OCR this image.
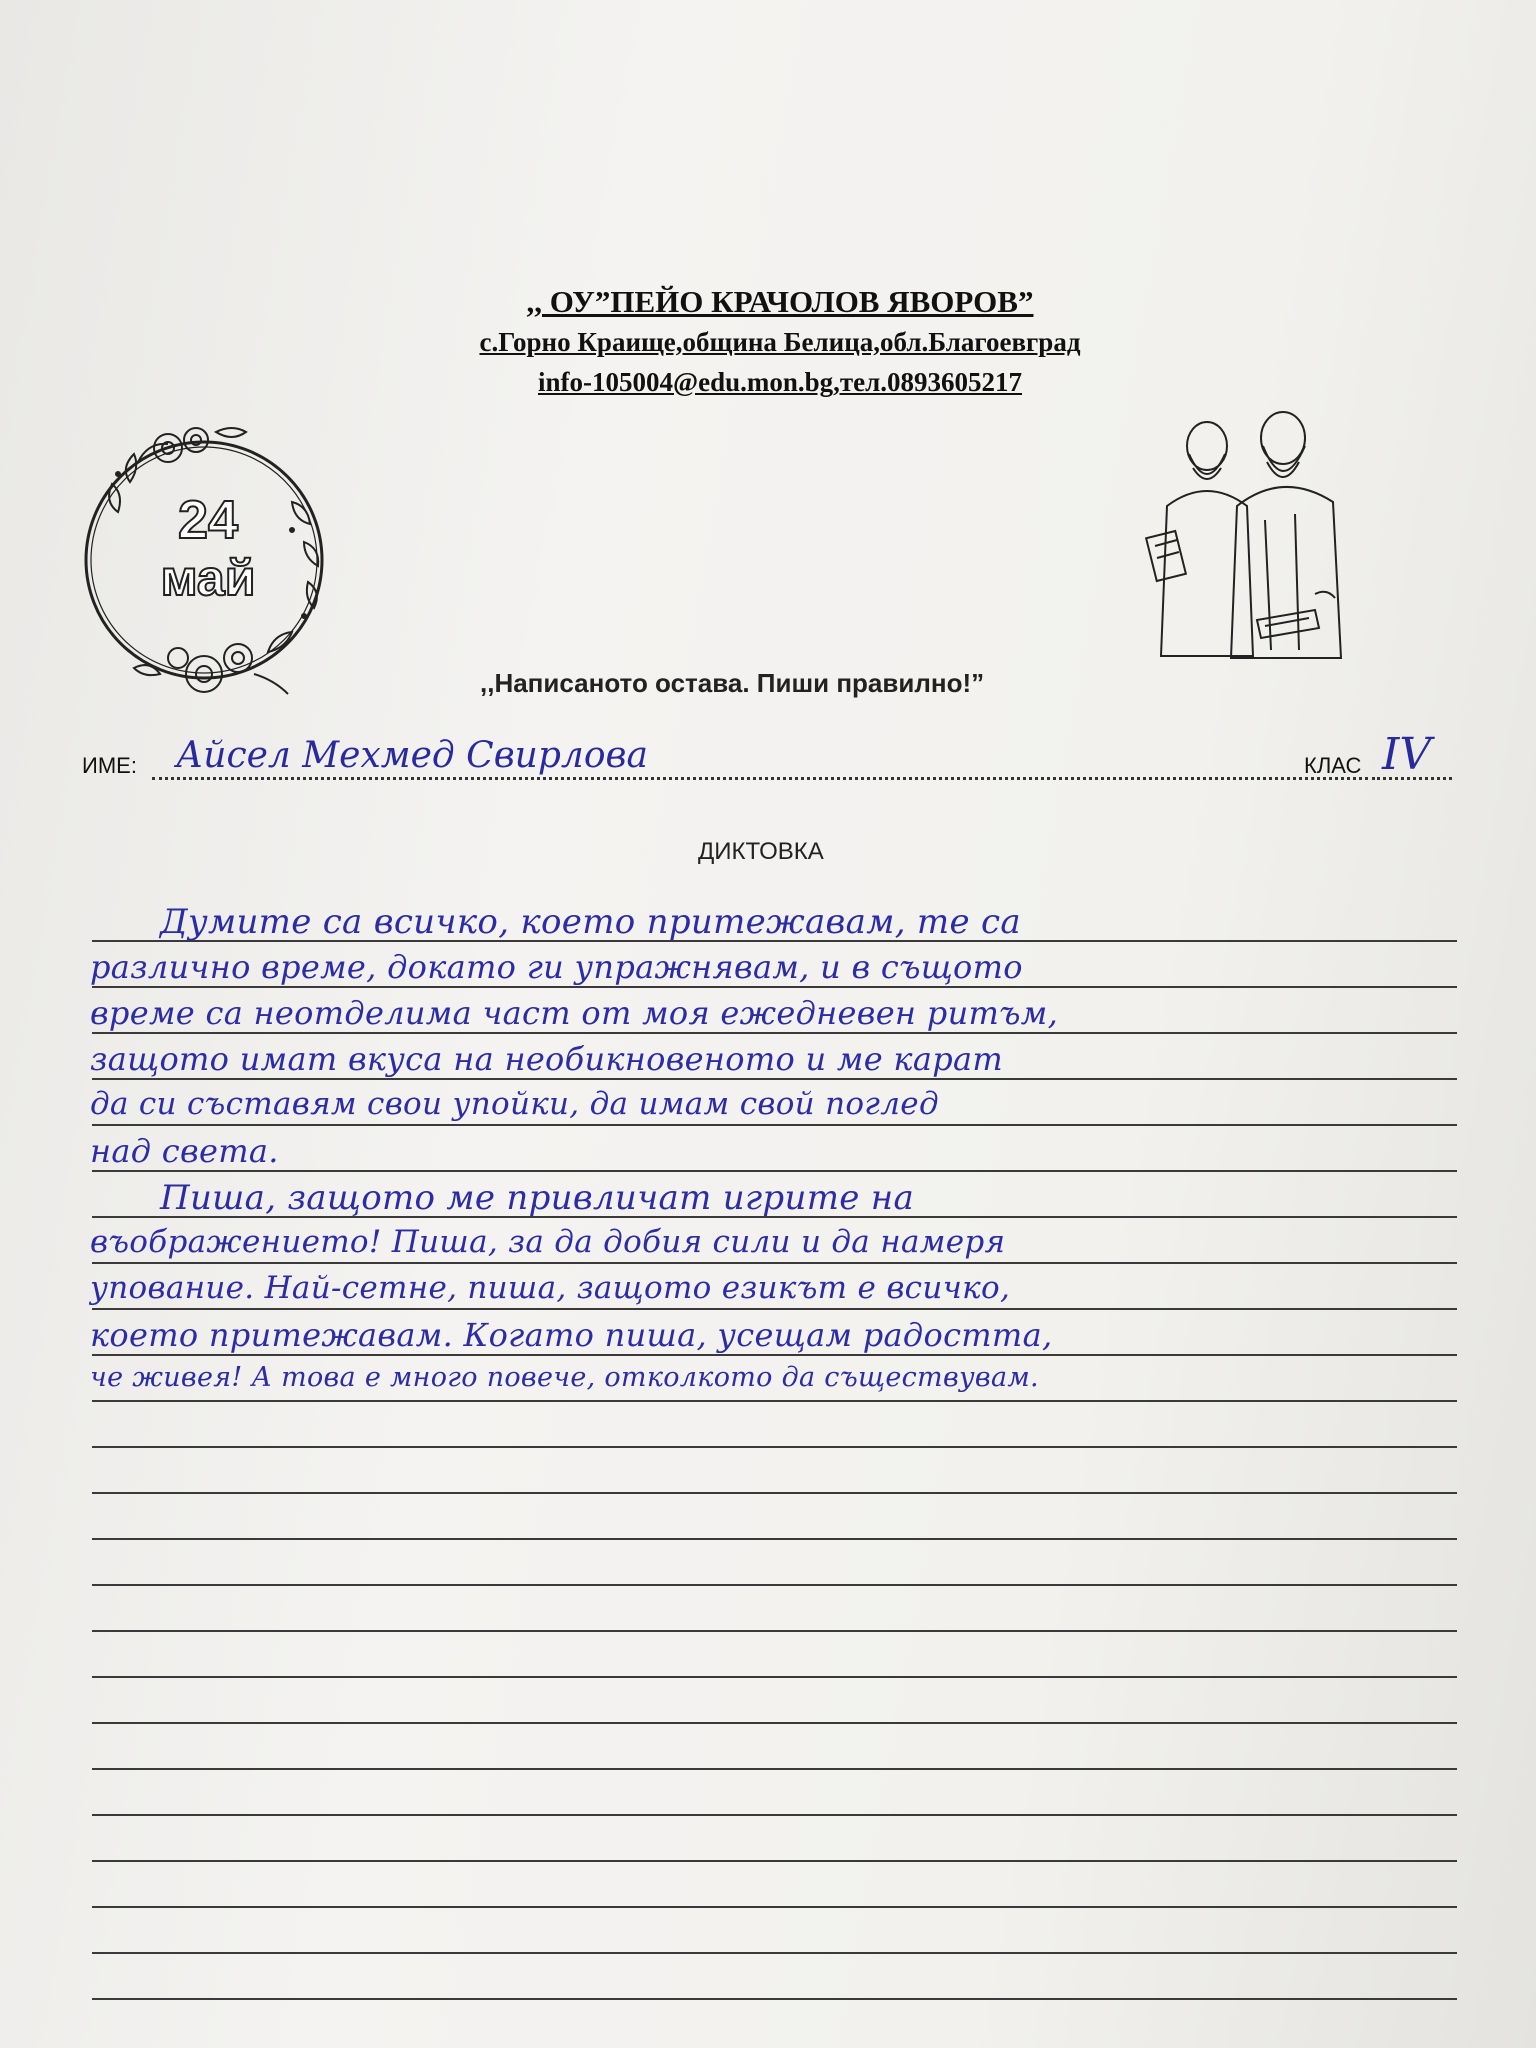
,, ОУ”ПЕЙО КРАЧОЛОВ ЯВОРОВ”
с.Горно Краище,община Белица,обл.Благоевград
info-105004@edu.mon.bg,тел.0893605217
24
май
,,Написаното остава. Пиши правилно!”
ИМЕ: Айсел Мехмед Свирлова	КЛАС IV
ДИКТОВКА
Думите са всичко, което притежавам, те са
различно време, докато ги упражнявам, и в същото
време са неотделима част от моя ежедневен ритъм,
защото имат вкуса на необикновеното и ме карат
да си съставям свои упойки, да имам свой поглед
над света.
Пиша, защото ме привличат игрите на
въображението! Пиша, за да добия сили и да намеря
упование. Най-сетне, пиша, защото езикът е всичко,
което притежавам. Когато пиша, усещам радостта,
че живея! А това е много повече, отколкото да съществувам.
